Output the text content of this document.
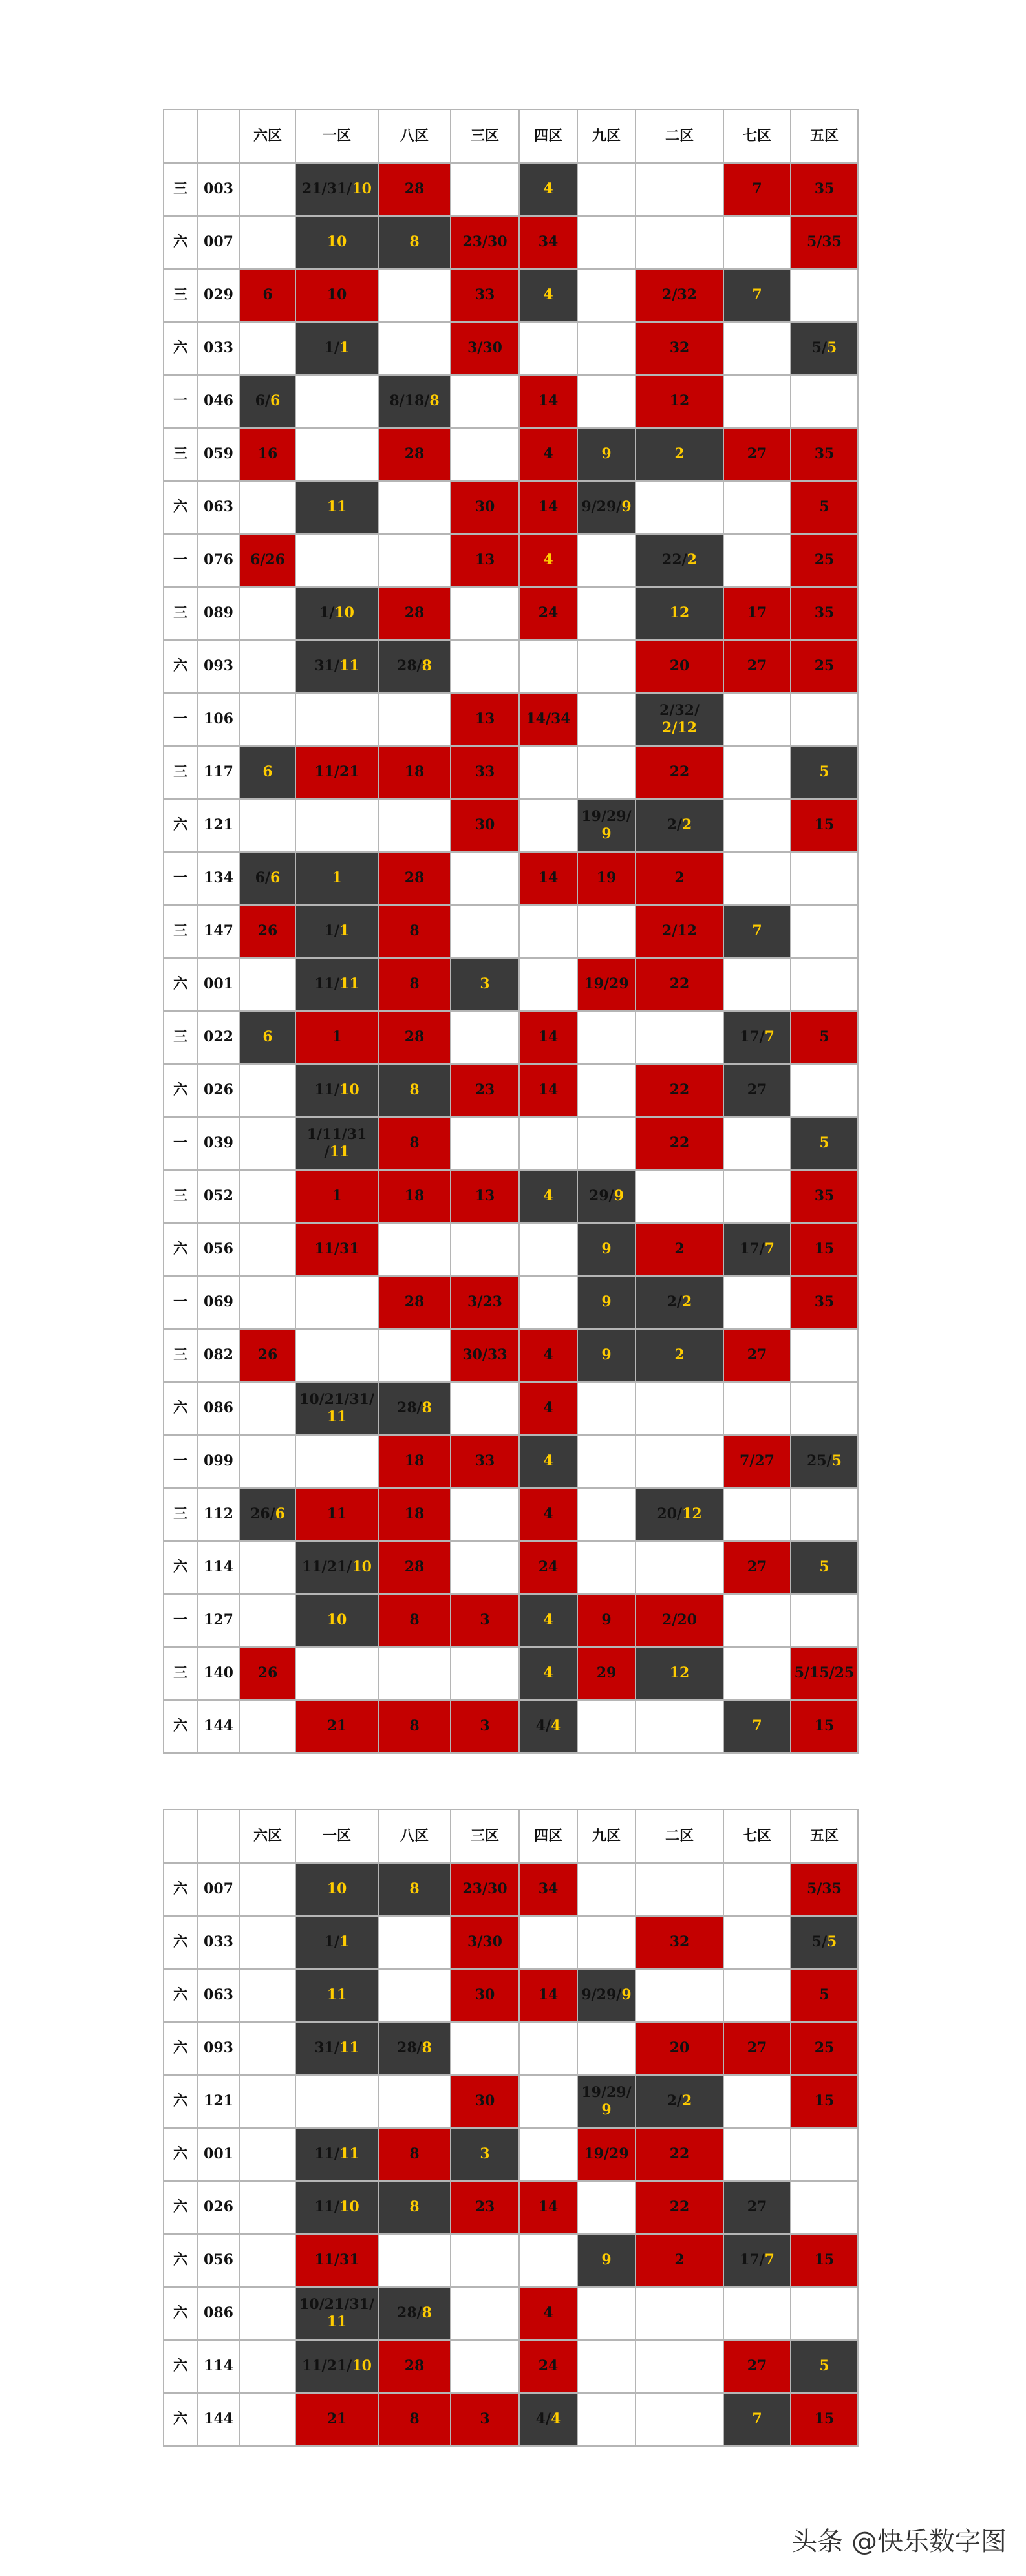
		六区	一区	八区	三区	四区	九区	二区	七区	五区
三	003		21/31/10	28		4			7	35
六	007		10	8	23/30	34				5/35
三	029	6	10		33	4		2/32	7	
六	033		1/1		3/30			32		5/5
一	046	6/6		8/18/8		14		12		
三	059	16		28		4	9	2	27	35
六	063		11		30	14	9/29/9			5
一	076	6/26			13	4		22/2		25
三	089		1/10	28		24		12	17	35
六	093		31/11	28/8				20	27	25
一	106				13	14/34		2/32/
2/12		
三	117	6	11/21	18	33			22		5
六	121				30		19/29/
9	2/2		15
一	134	6/6	1	28		14	19	2		
三	147	26	1/1	8				2/12	7	
六	001		11/11	8	3		19/29	22		
三	022	6	1	28		14			17/7	5
六	026		11/10	8	23	14		22	27	
一	039		1/11/31
/11	8				22		5
三	052		1	18	13	4	29/9			35
六	056		11/31				9	2	17/7	15
一	069			28	3/23		9	2/2		35
三	082	26			30/33	4	9	2	27	
六	086		10/21/31/
11	28/8		4				
一	099			18	33	4			7/27	25/5
三	112	26/6	11	18		4		20/12		
六	114		11/21/10	28		24			27	5
一	127		10	8	3	4	9	2/20		
三	140	26				4	29	12		5/15/25
六	144		21	8	3	4/4			7	15
		六区	一区	八区	三区	四区	九区	二区	七区	五区
六	007		10	8	23/30	34				5/35
六	033		1/1		3/30			32		5/5
六	063		11		30	14	9/29/9			5
六	093		31/11	28/8				20	27	25
六	121				30		19/29/
9	2/2		15
六	001		11/11	8	3		19/29	22		
六	026		11/10	8	23	14		22	27	
六	056		11/31				9	2	17/7	15
六	086		10/21/31/
11	28/8		4				
六	114		11/21/10	28		24			27	5
六	144		21	8	3	4/4			7	15
头条 @快乐数字图
